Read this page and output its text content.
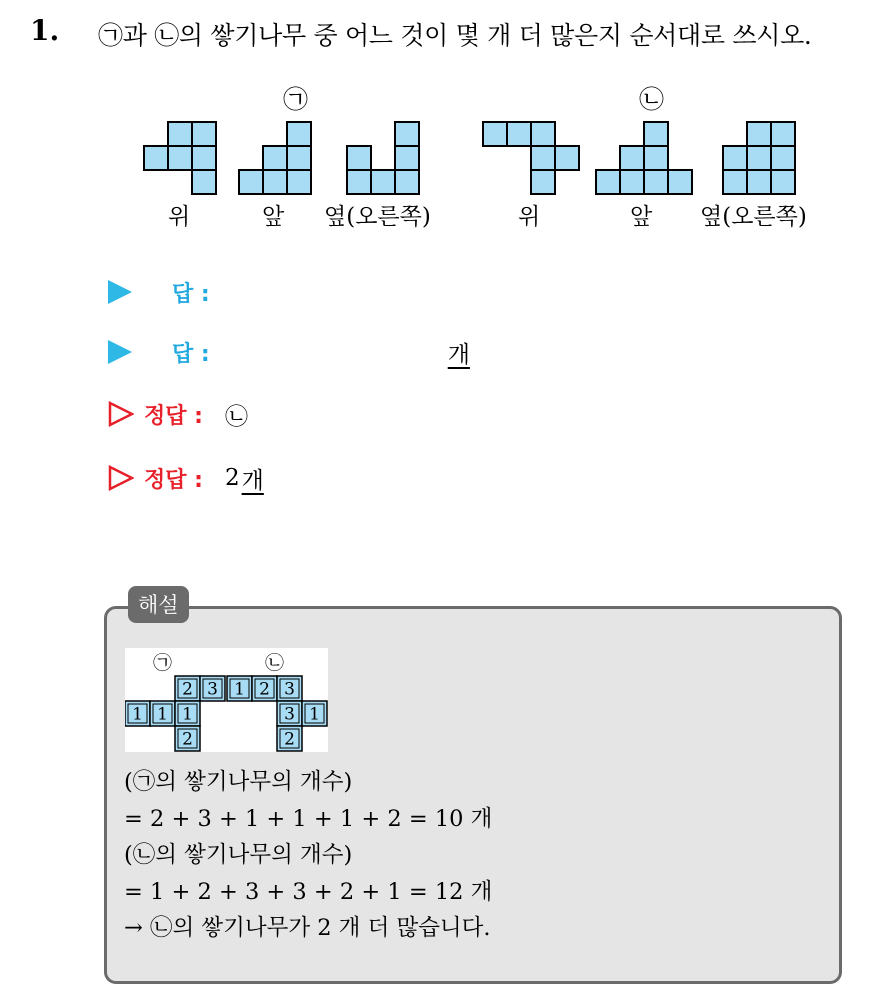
1. ㉠과 ㉡의 쌓기나무 중 어느 것이 몇 개 더 많은지 순서대로 쓰시오.
㉠	㉡
위	앞 옆(오른쪽)	위	앞 옆(오른쪽)
답 :
답 :	개
정답 : ㉡
정답 : 2 개
해설
㉠	㉡
2 3
1 1 1
2
1 2 3
3 1
2
(㉠의 쌓기나무의 개수)
= 2 + 3 + 1 + 1 + 1 + 2 = 10 개
(㉡의 쌓기나무의 개수)
= 1 + 2 + 3 + 3 + 2 + 1 = 12 개
→ ㉡의 쌓기나무가 2 개 더 많습니다.
